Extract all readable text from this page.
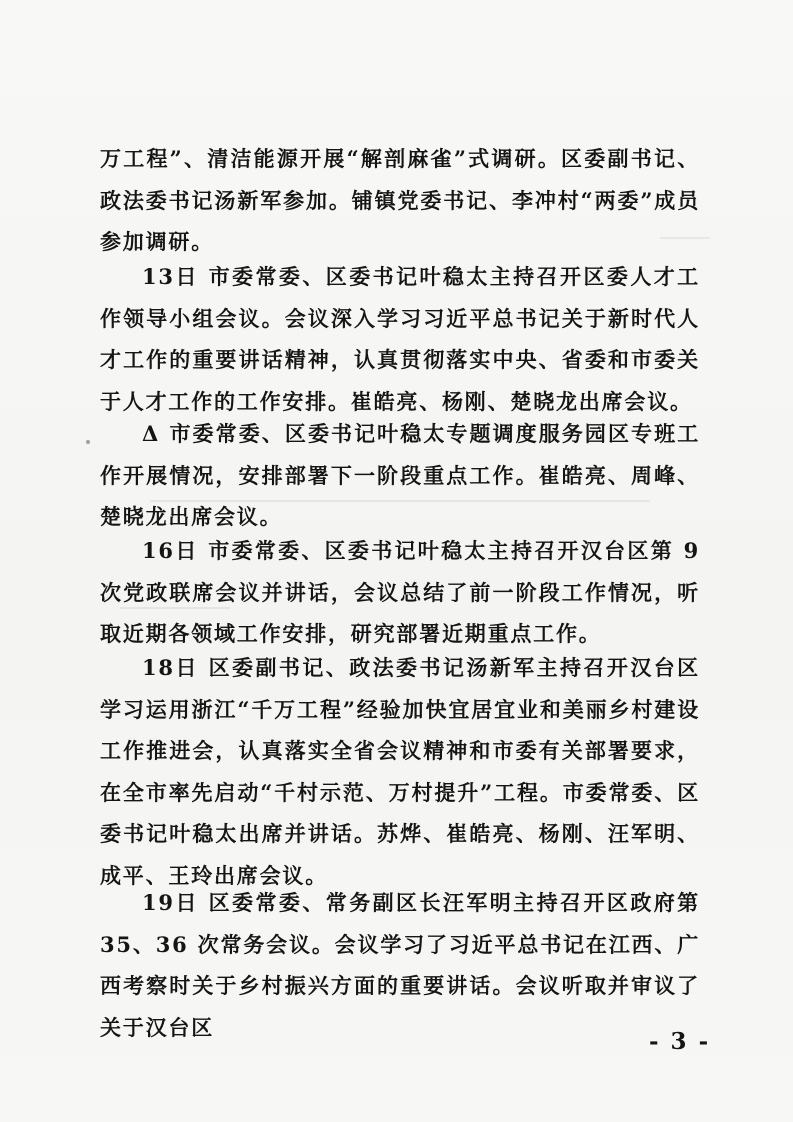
万工程”、清洁能源开展“解剖麻雀”式调研。区委副书记、政法委书记汤新军参加。铺镇党委书记、李冲村“两委”成员参加调研。

13日 市委常委、区委书记叶稳太主持召开区委人才工作领导小组会议。会议深入学习习近平总书记关于新时代人才工作的重要讲话精神，认真贯彻落实中央、省委和市委关于人才工作的工作安排。崔皓亮、杨刚、楚晓龙出席会议。

Δ 市委常委、区委书记叶稳太专题调度服务园区专班工作开展情况，安排部署下一阶段重点工作。崔皓亮、周峰、楚晓龙出席会议。

16日 市委常委、区委书记叶稳太主持召开汉台区第 9 次党政联席会议并讲话，会议总结了前一阶段工作情况，听取近期各领域工作安排，研究部署近期重点工作。

18日 区委副书记、政法委书记汤新军主持召开汉台区学习运用浙江“千万工程”经验加快宜居宜业和美丽乡村建设工作推进会，认真落实全省会议精神和市委有关部署要求，在全市率先启动“千村示范、万村提升”工程。市委常委、区委书记叶稳太出席并讲话。苏烨、崔皓亮、杨刚、汪军明、成平、王玲出席会议。

19日 区委常委、常务副区长汪军明主持召开区政府第 35、36 次常务会议。会议学习了习近平总书记在江西、广西考察时关于乡村振兴方面的重要讲话。会议听取并审议了关于汉台区

- 3 -
